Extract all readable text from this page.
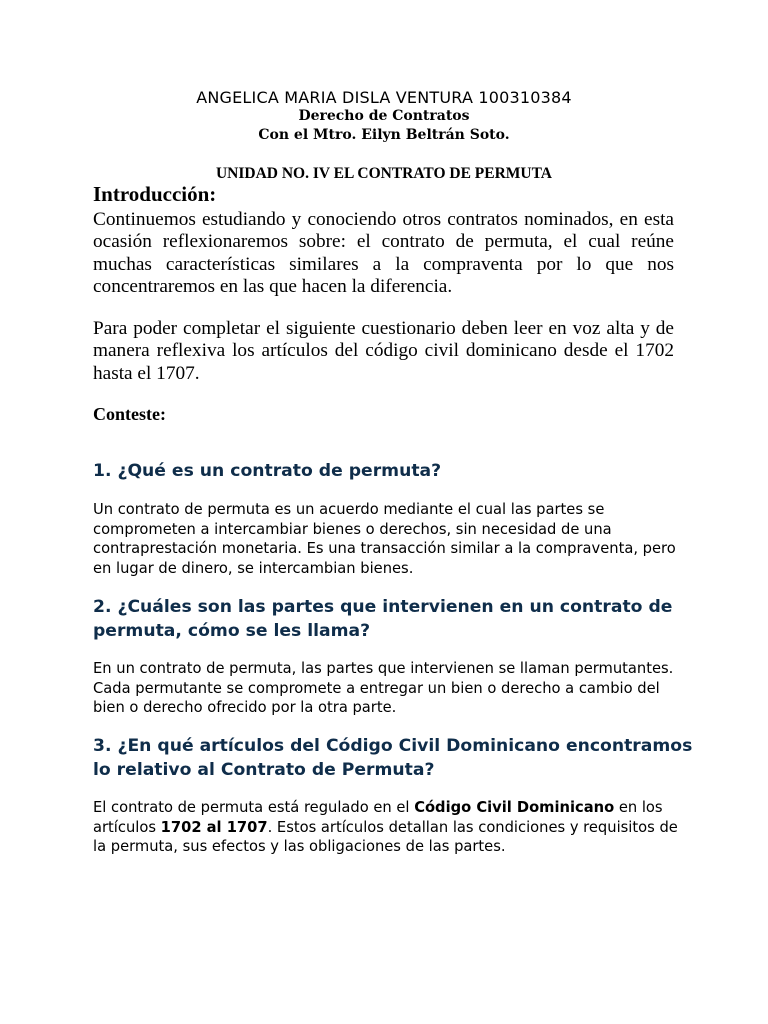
ANGELICA MARIA DISLA VENTURA 100310384
Derecho de Contratos
Con el Mtro. Eilyn Beltrán Soto.
UNIDAD NO. IV EL CONTRATO DE PERMUTA
Introducción:

Continuemos estudiando y conociendo otros contratos nominados, en esta ocasión reflexionaremos sobre: el contrato de permuta, el cual reúne muchas características similares a la compraventa por lo que nos concentraremos en las que hacen la diferencia.

Para poder completar el siguiente cuestionario deben leer en voz alta y de manera reflexiva los artículos del código civil dominicano desde el 1702 hasta el 1707.

Conteste:

1. ¿Qué es un contrato de permuta?

Un contrato de permuta es un acuerdo mediante el cual las partes se comprometen a intercambiar bienes o derechos, sin necesidad de una contraprestación monetaria. Es una transacción similar a la compraventa, pero en lugar de dinero, se intercambian bienes.

2. ¿Cuáles son las partes que intervienen en un contrato de permuta, cómo se les llama?

En un contrato de permuta, las partes que intervienen se llaman permutantes. Cada permutante se compromete a entregar un bien o derecho a cambio del bien o derecho ofrecido por la otra parte.

3. ¿En qué artículos del Código Civil Dominicano encontramos lo relativo al Contrato de Permuta?

El contrato de permuta está regulado en el Código Civil Dominicano en los artículos 1702 al 1707. Estos artículos detallan las condiciones y requisitos de la permuta, sus efectos y las obligaciones de las partes.
